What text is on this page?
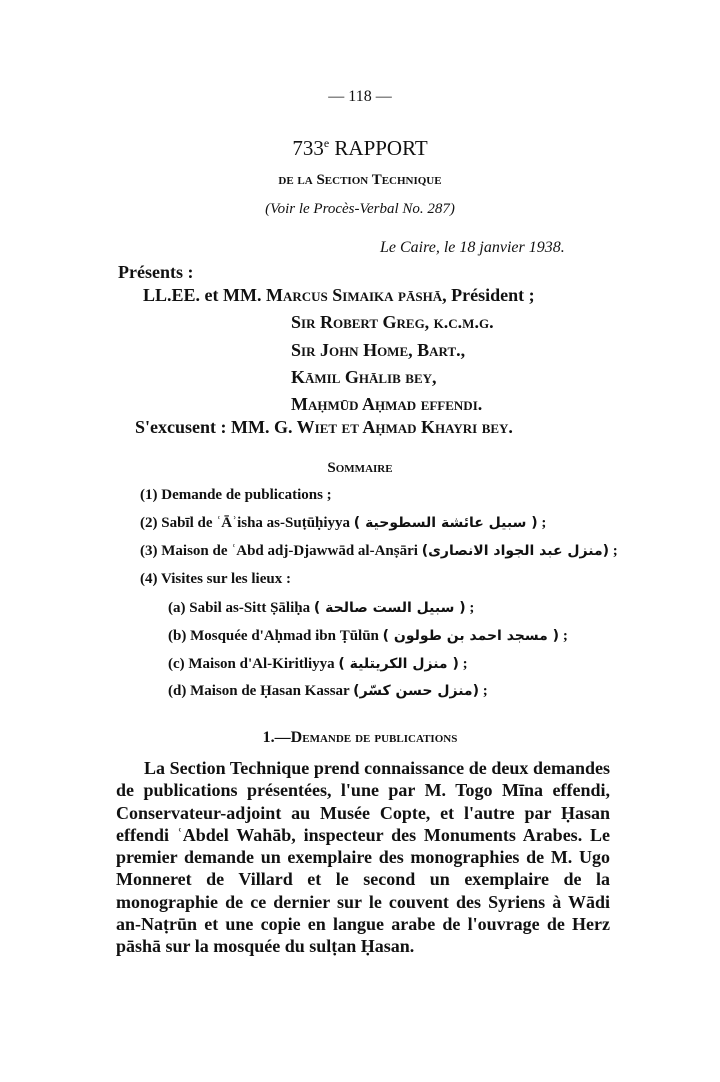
— 118 —
733e RAPPORT
de la Section Technique
(Voir le Procès-Verbal No. 287)
Le Caire, le 18 janvier 1938.
Présents :
LL.EE. et MM. Marcus Simaika pāshā, Président ;
Sir Robert Greg, k.c.m.g.
Sir John Home, Bart.,
Kāmil Ghālib bey,
Maḥmūd Aḥmad effendi.
S'excusent : MM. G. Wiet et Aḥmad Khayri bey.
Sommaire
(1) Demande de publications ;
(2) Sabīl de ʿĀʾisha as-Suṭūḥiyya ( سبيل عائشة السطوحية ) ;
(3) Maison de ʿAbd adj-Djawwād al-Anṣāri (منزل عبد الجواد الانصارى) ;
(4) Visites sur les lieux :
(a) Sabil as-Sitt Ṣāliḥa ( سبيل الست صالحة ) ;
(b) Mosquée d'Aḥmad ibn Ṭūlūn ( مسجد احمد بن طولون ) ;
(c) Maison d'Al-Kiritliyya ( منزل الكريتلية ) ;
(d) Maison de Ḥasan Kassar (منزل حسن كسّر) ;
1.—Demande de publications

La Section Technique prend connaissance de deux demandes de publications présentées, l'une par M. Togo Mīna effendi, Conservateur-adjoint au Musée Copte, et l'autre par Ḥasan effendi ʿAbdel Wahāb, inspecteur des Monuments Arabes. Le premier demande un exemplaire des monographies de M. Ugo Monneret de Villard et le second un exemplaire de la monographie de ce dernier sur le couvent des Syriens à Wādi an-Naṭrūn et une copie en langue arabe de l'ouvrage de Herz pāshā sur la mosquée du sulṭan Ḥasan.
